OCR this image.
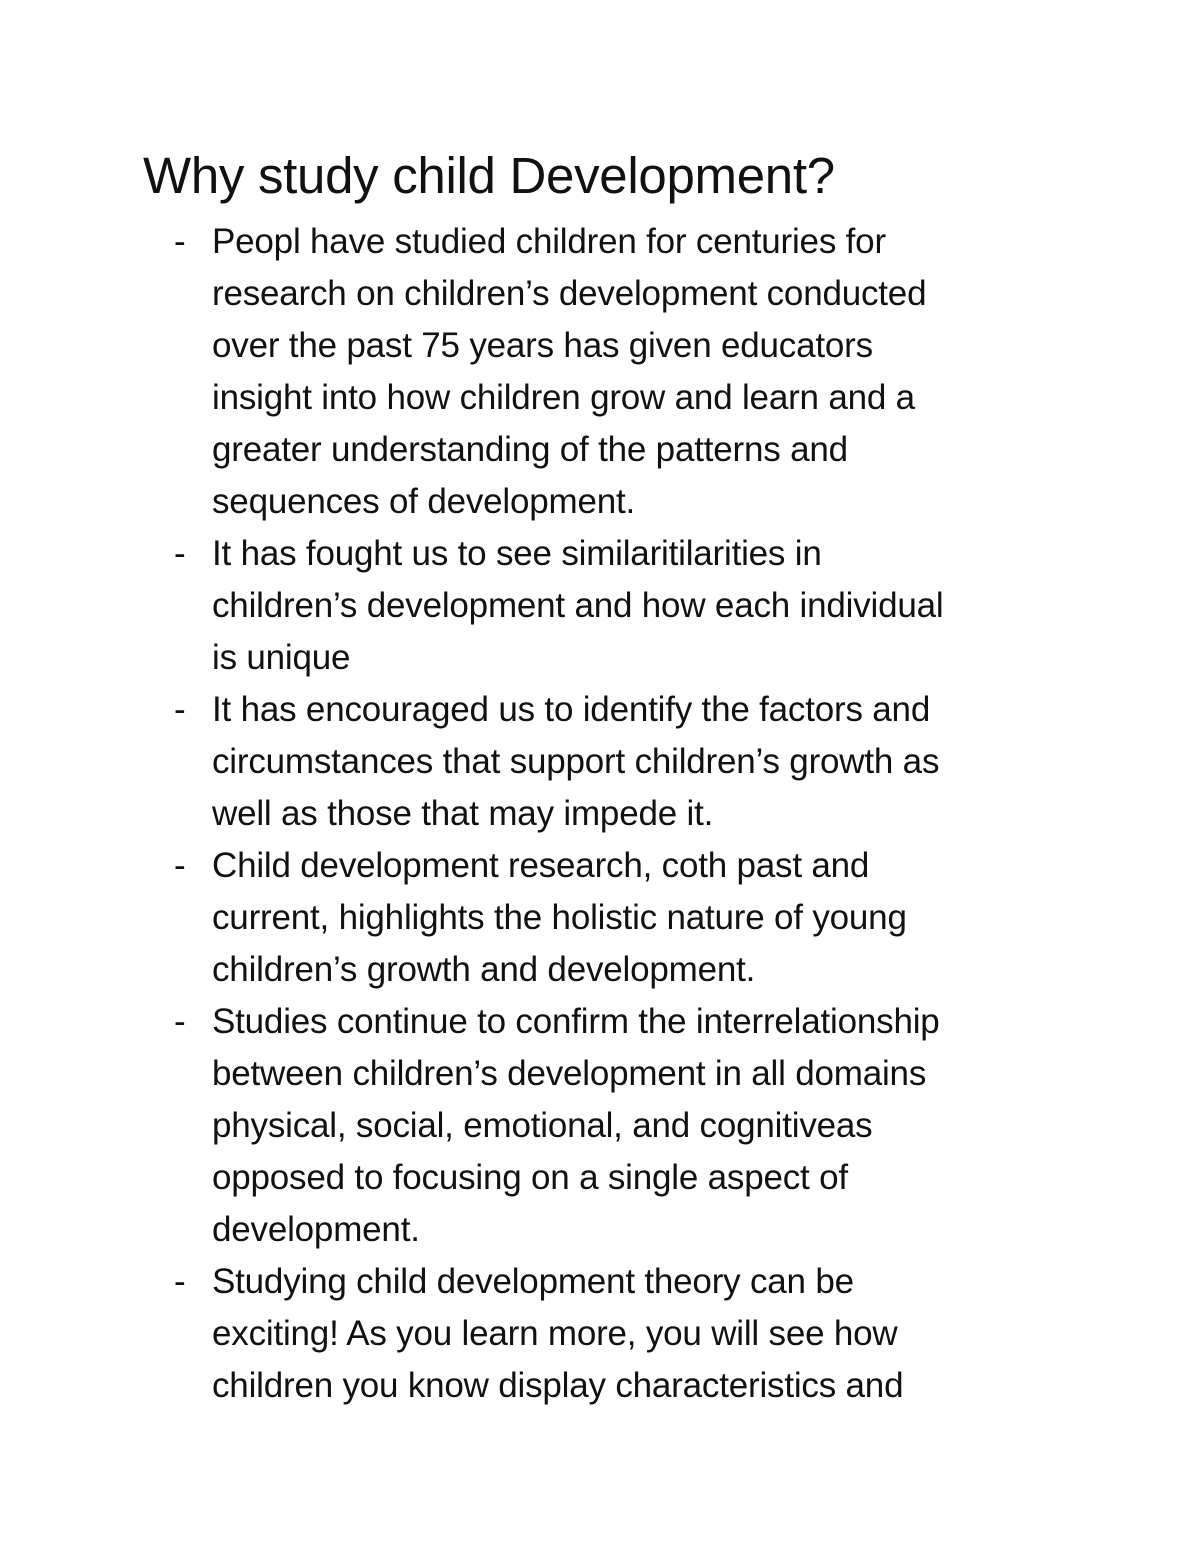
Why study child Development?
- Peopl have studied children for centuries for
research on children’s development conducted
over the past 75 years has given educators
insight into how children grow and learn and a
greater understanding of the patterns and
sequences of development.
- It has fought us to see similaritilarities in
children’s development and how each individual
is unique
- It has encouraged us to identify the factors and
circumstances that support children’s growth as
well as those that may impede it.
- Child development research, coth past and
current, highlights the holistic nature of young
children’s growth and development.
- Studies continue to confirm the interrelationship
between children’s development in all domains
physical, social, emotional, and cognitiveas
opposed to focusing on a single aspect of
development.
- Studying child development theory can be
exciting! As you learn more, you will see how
children you know display characteristics and
